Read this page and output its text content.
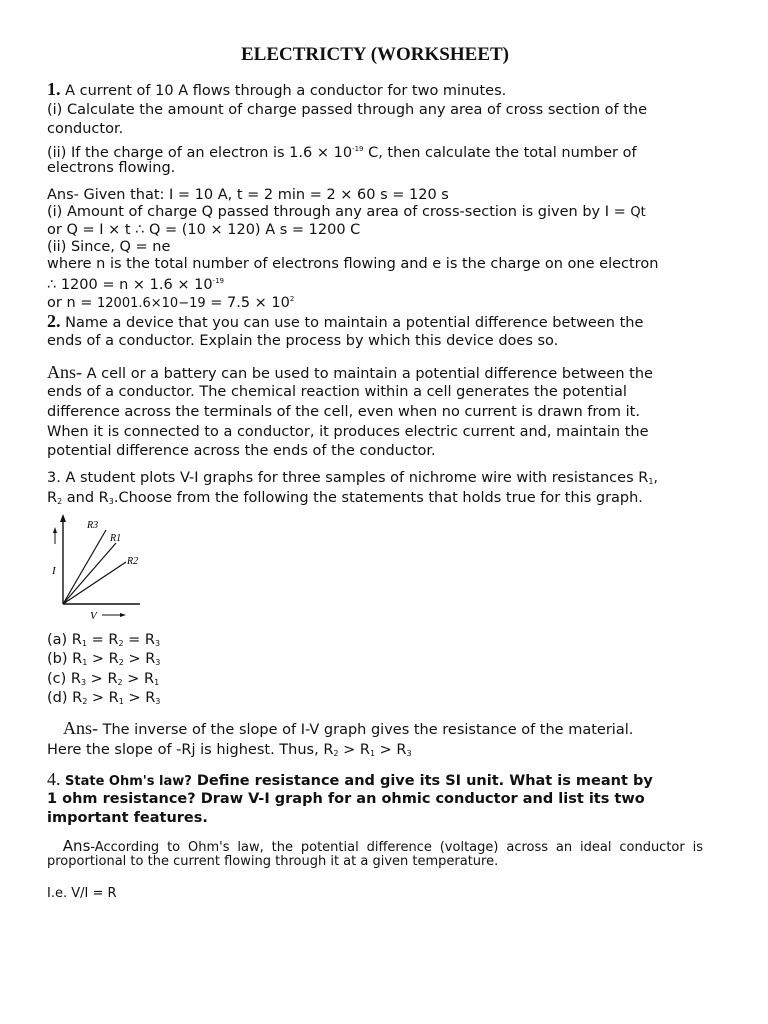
ELECTRICTY (WORKSHEET)
1. A current of 10 A flows through a conductor for two minutes.
(i) Calculate the amount of charge passed through any area of cross section of the
conductor.
(ii) If the charge of an electron is $1.6 \times 10^{-19}$ C, then calculate the total number of
electrons flowing.
Ans- Given that: I = 10 A, t = 2 min = 2 × 60 s = 120 s
(i) Amount of charge Q passed through any area of cross-section is given by I = Qt
or Q = I × t ∴ Q = (10 × 120) A s = 1200 C
(ii) Since, Q = ne
where n is the total number of electrons flowing and e is the charge on one electron
∴ $1200 = n \times 1.6 \times 10^{-19}$
or $n = 12001.6\times 10-19 = 7.5 \times 10^2$
2. Name a device that you can use to maintain a potential difference between the
ends of a conductor. Explain the process by which this device does so.
Ans- A cell or a battery can be used to maintain a potential difference between the
ends of a conductor. The chemical reaction within a cell generates the potential
difference across the terminals of the cell, even when no current is drawn from it.
When it is connected to a conductor, it produces electric current and, maintain the
potential difference across the ends of the conductor.
3. A student plots V-I graphs for three samples of nichrome wire with resistances $R_1$,
$R_2$ and $R_3.Choose$ from the following the statements that holds true for this graph.
I
R3
R1
R2
V
(a) $R_1 = R_2 = R_3$
(b) $R_1 > R_2 > R_3$
(c) $R_3 > R_2 > R_1$
(d) $R_2 > R_1 > R_3$
Ans- The inverse of the slope of I-V graph gives the resistance of the material.
Here the slope of -Rj is highest. Thus, $R_2 > R_1 > R_3$
4. State Ohm's law? Define resistance and give its SI unit. What is meant by
1 ohm resistance? Draw V-I graph for an ohmic conductor and list its two
important features.
Ans-According to Ohm's law, the potential difference (voltage) across an ideal conductor is
proportional to the current flowing through it at a given temperature.
I.e. V/I = R
